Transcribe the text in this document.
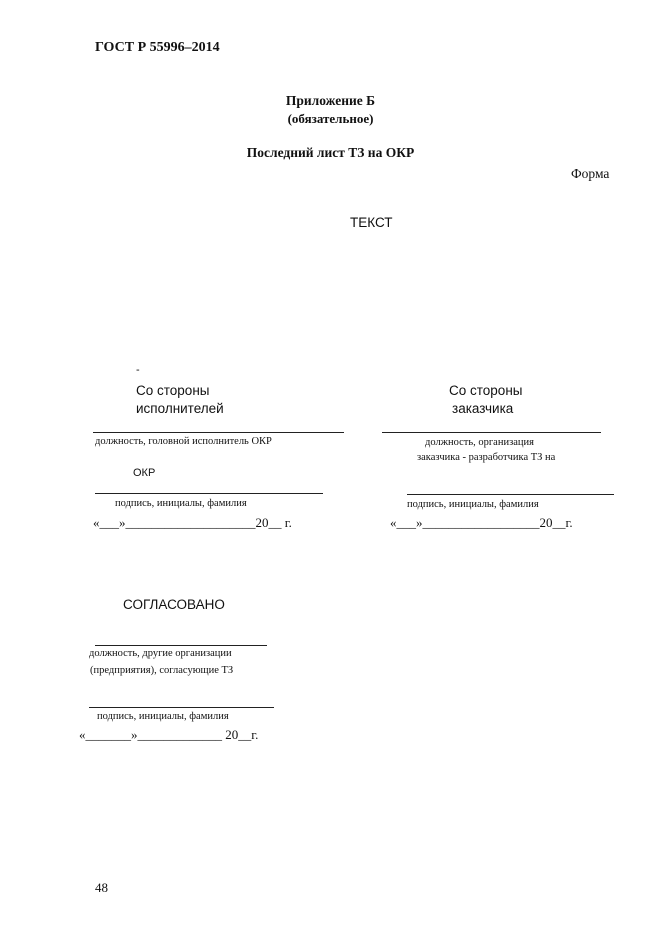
ГОСТ Р 55996–2014
Приложение Б
(обязательное)
Последний лист ТЗ на ОКР
Форма
ТЕКСТ
-
Со стороны
исполнителей
должность, головной исполнитель ОКР
ОКР
подпись, инициалы, фамилия
«___»____________________20__ г.
Со стороны
заказчика
должность, организация
заказчика - разработчика ТЗ на
подпись, инициалы, фамилия
«___»__________________20__г.
СОГЛАСОВАНО
должность, другие организации
(предприятия), согласующие ТЗ
подпись, инициалы, фамилия
«_______»_____________ 20__г.
48
